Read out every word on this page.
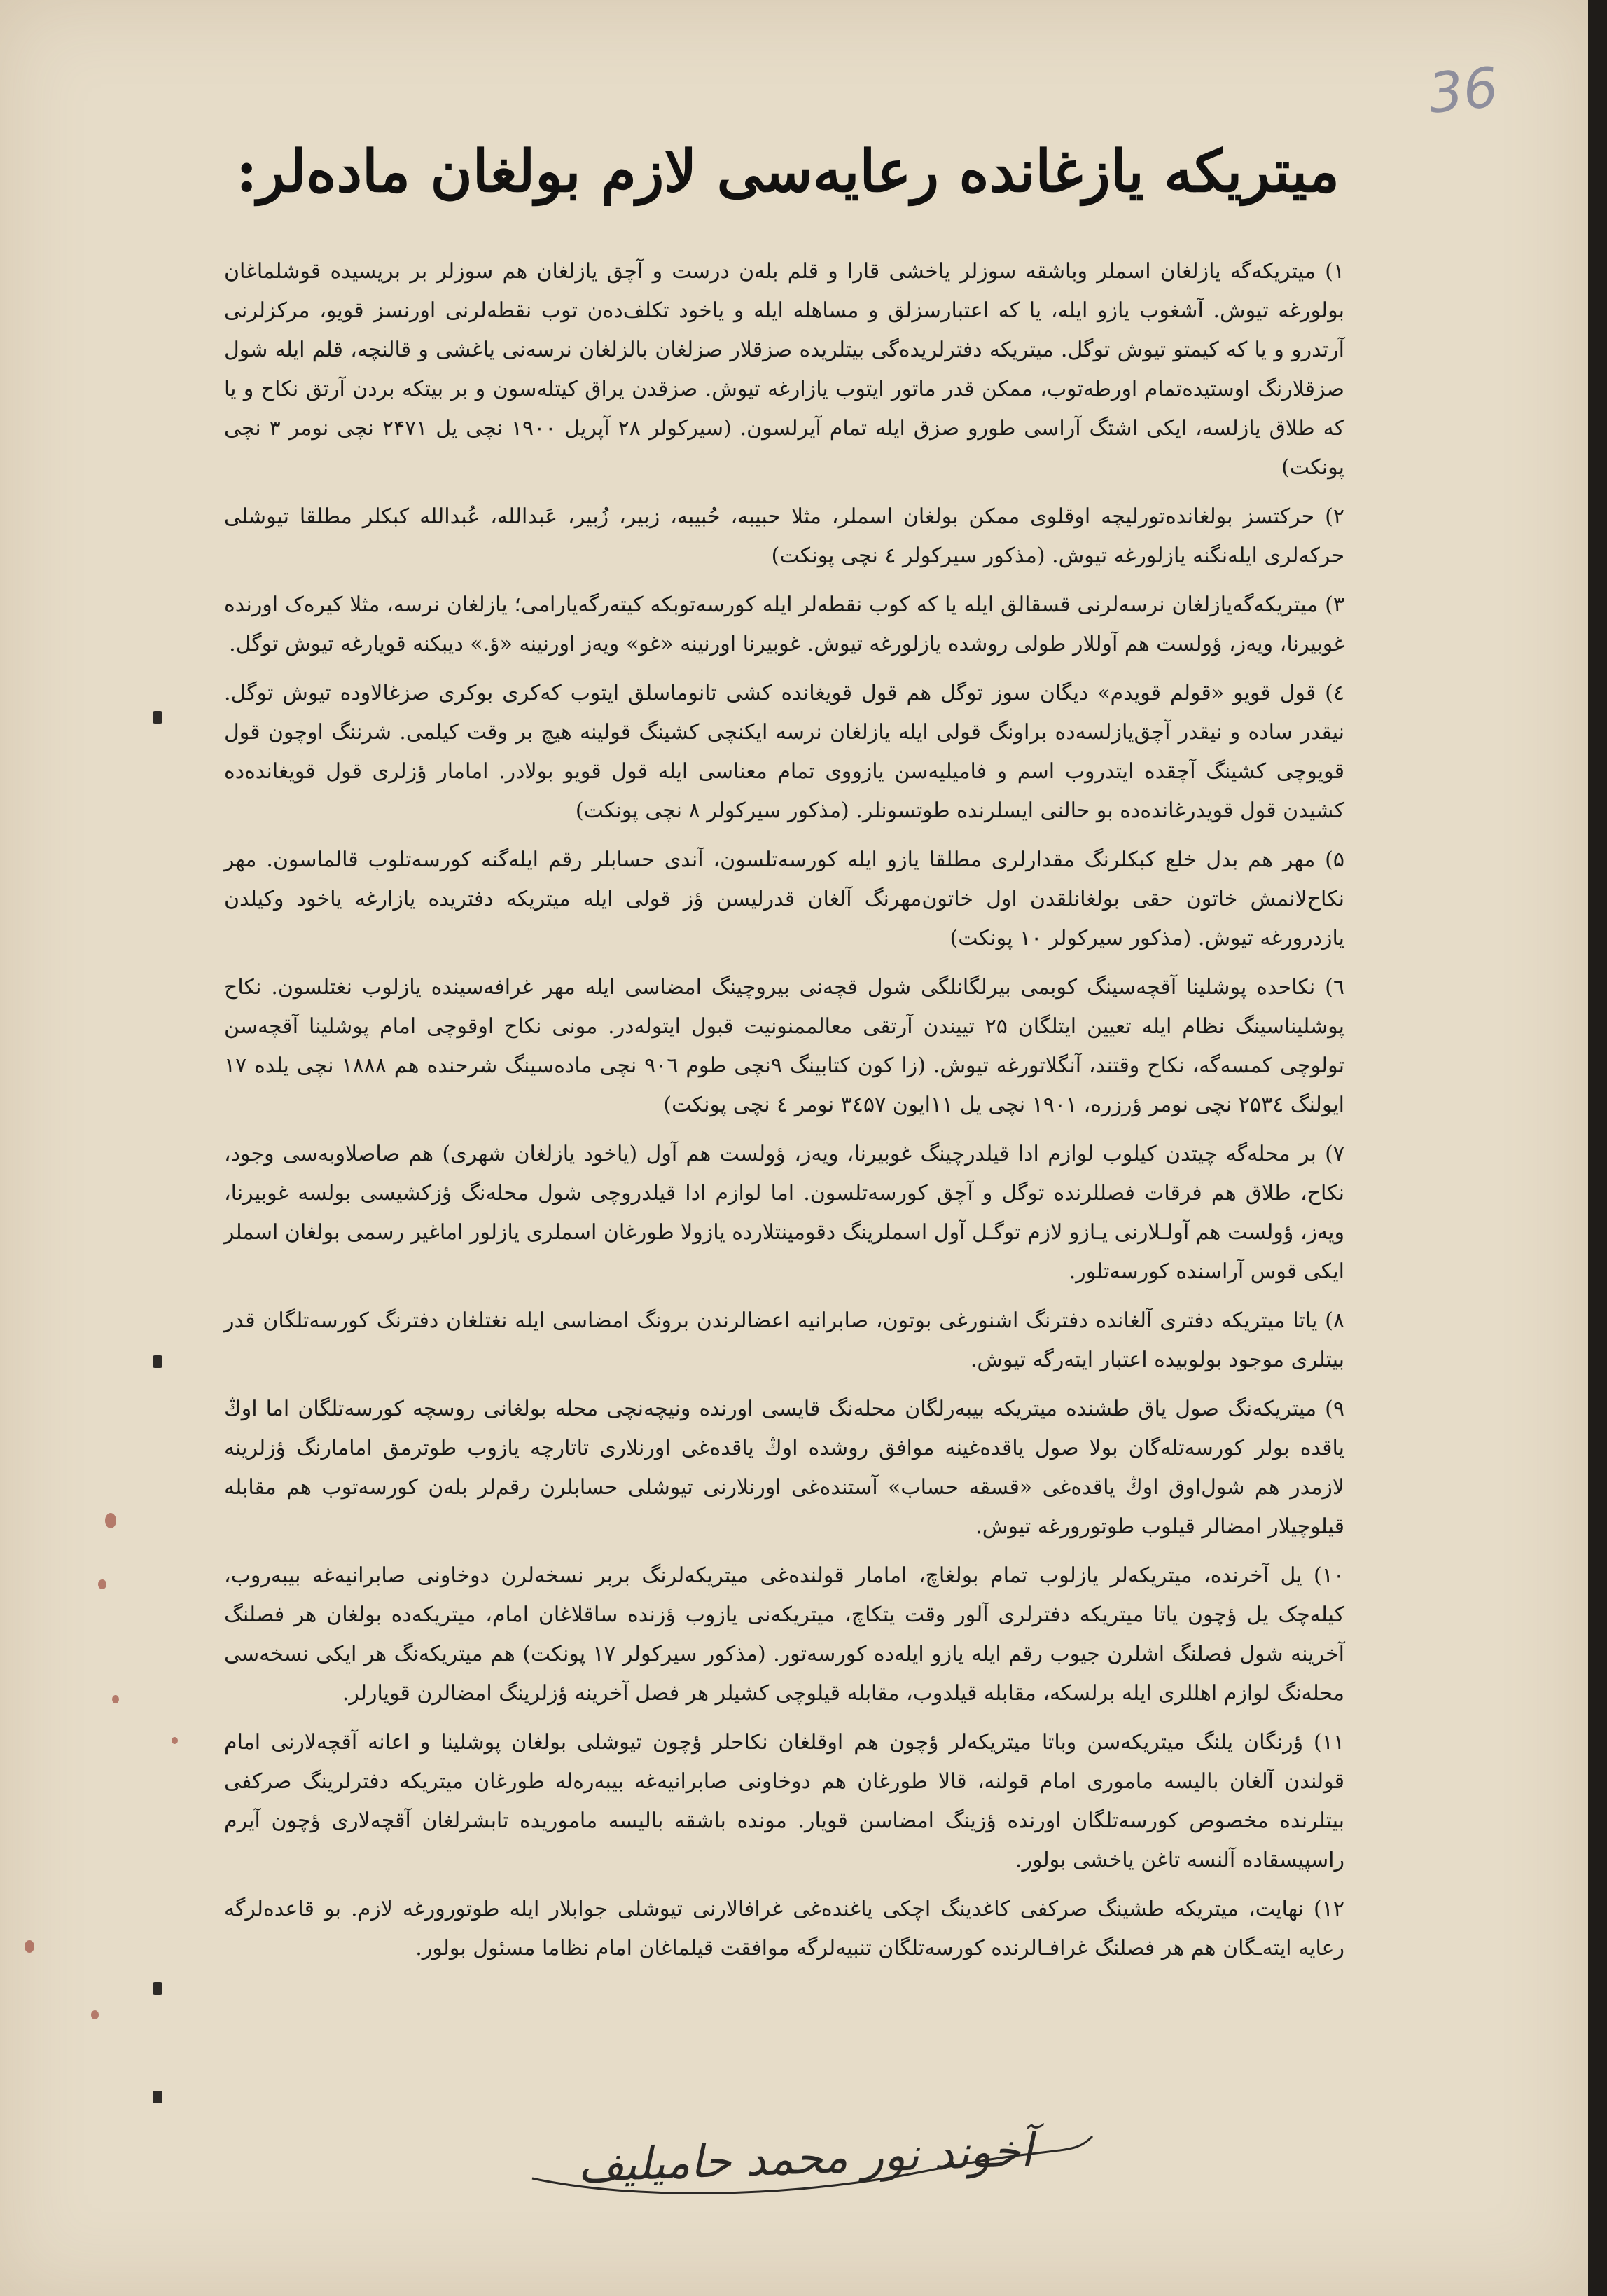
36
میتریکه یازغانده رعایه‌سی لازم بولغان ماده‌لر:

۱) میتریکه‌گه یازلغان اسملر وباشقه سوزلر یاخشی قارا و قلم بله‌ن درست و آچق یازلغان هم سوزلر بر بریسیده قوشلماغان بولورغه تیوش. آشغوب یازو ایله، یا که اعتبارسزلق و مساهله ایله و یاخود تکلف‌ده‌ن توب نقطه‌لرنی اورنسز قویو، مرکزلرنی آرتدرو و یا که کیمتو تیوش توگل. میتریکه دفترلریده‌گی بیتلریده صزقلار صزلغان بالزلغان نرسه‌نی یاغشی و قالنچه، قلم ایله شول صزقلارنگ اوستیده‌تمام اورطه‌توب، ممکن قدر ماتور ایتوب یازارغه تیوش. صزقدن یراق کیتله‌سون و بر بیتکه بردن آرتق نکاح و یا که طلاق یازلسه، ایکی اشتگ آراسی طورو صزق ایله تمام آیرلسون. (سیرکولر ۲۸ آپریل ۱۹۰۰ نچی یل ۲۴۷۱ نچی نومر ۳ نچی پونکت)

۲) حرکتسز بولغانده‌تورلیچه اوقلوی ممکن بولغان اسملر، مثلا حبیبه، حُبیبه، زبیر، زُبیر، عَبدالله، عُبدالله کبکلر مطلقا تیوشلی حرکه‌لری ایله‌نگنه یازلورغه تیوش. (مذکور سیرکولر ٤ نچی پونکت)

۳) میتریکه‌گه‌یازلغان نرسه‌لرنی قسقالق ایله یا که کوب نقطه‌لر ایله کورسه‌توبکه کیته‌رگه‌یارامی؛ یازلغان نرسه، مثلا کیره‌ک اورنده غوبیرنا، ویه‌ز، ؤولست هم آوللار طولی روشده یازلورغه تیوش. غوبیرنا اورنینه «غو» ویه‌ز اورنینه «ؤ.» دیبکنه قویارغه تیوش توگل.

٤) قول قویو «قولم قویدم» دیگان سوز توگل هم قول قویغانده کشی تانوماسلق ایتوب که‌کری بوکری صزغالاوده تیوش توگل. نیقدر ساده و نیقدر آچق‌یازلسه‌ده براونگ قولی ایله یازلغان نرسه ایکنچی کشینگ قولینه هیچ بر وقت کیلمی. شرننگ اوچون قول قویوچی کشینگ آچقده ایتدروب اسم و فامیلیه‌سن یازووی تمام معناسی ایله قول قویو بولادر. امامار ؤزلری قول قویغانده‌ده کشیدن قول قویدرغانده‌ده بو حالنی ایسلرنده طوتسونلر. (مذکور سیرکولر ۸ نچی پونکت)

۵) مهر هم بدل خلع کبکلرنگ مقدارلری مطلقا یازو ایله کورسه‌تلسون، آندی حسابلر رقم ایله‌گنه کورسه‌تلوب قالماسون. مهر نکاح‌لانمش خاتون حقی بولغانلقدن اول خاتون‌مهرنگ آلغان قدرلیسن ؤز قولی ایله میتریکه دفتریده یازارغه یاخود وکیلدن یازدرورغه تیوش. (مذکور سیرکولر ۱۰ پونکت)

٦) نکاحده پوشلینا آقچه‌سینگ کوبمی بیرلگانلگی شول قچه‌نی بیروچینگ امضاسی ایله مهر غرافه‌سینده یازلوب نغتلسون. نکاح پوشلیناسینگ نظام ایله تعیین ایتلگان ۲۵ تییندن آرتقی معالممنونیت قبول ایتوله‌در. مونی نکاح اوقوچی امام پوشلینا آقچه‌سن تولوچی کمسه‌گه، نکاح وقتند، آنگلاتورغه تیوش. (زا کون کتابینگ ٩نچی طوم ۹۰٦ نچی ماده‌سینگ شرحنده هم ۱۸۸۸ نچی یلده ۱۷ ایولنگ ۲۵۳٤ نچی نومر ؤرزره، ۱۹۰۱ نچی یل ۱۱ایون ۳٤۵۷ نومر ٤ نچی پونکت)

۷) بر محله‌گه چیتدن کیلوب لوازم ادا قیلدرچینگ غوبیرنا، ویه‌ز، ؤولست هم آول (یاخود یازلغان شهری) هم صاصلاوبه‌سی وجود، نکاح، طلاق هم فرقات فصللرنده توگل و آچق کورسه‌تلسون. اما لوازم ادا قیلدروچی شول محله‌نگ ؤزکشیسی بولسه غوبیرنا، ویه‌ز، ؤولست هم آولـلارنی یـازو لازم توگـل آول اسملرینگ دقومینتلارده یازولا طورغان اسملری یازلور اماغیر رسمی بولغان اسملر ایکی قوس آراسنده کورسه‌تلور.

۸) یاتا میتریکه دفتری آلغانده دفترنگ اشنورغی بوتون، صابرانیه اعضالرندن برونگ امضاسی ایله نغتلغان دفترنگ کورسه‌تلگان قدر بیتلری موجود بولوبیده اعتبار ایته‌رگه تیوش.

۹) میتریکه‌نگ صول یاق طشنده میتریکه بیبه‌رلگان محله‌نگ قایسی اورنده ونیچه‌نچی محله بولغانی روسچه کورسه‌تلگان اما اوڭ یاقده بولر کورسه‌تله‌گان بولا صول یاقده‌غینه موافق روشده اوڭ یاقده‌غی اورنلاری تاتارچه یازوب طوترمق امامارنگ ؤزلرینه لازمدر هم شول‌اوق اوڭ یاقده‌غی «قسقه حساب» آستنده‌غی اورنلارنی تیوشلی حسابلرن رقم‌لر بله‌ن کورسه‌توب هم مقابله قیلوچیلار امضالر قیلوب طوتورورغه تیوش.

۱۰) یل آخرنده، میتریکه‌لر یازلوب تمام بولغاچ، امامار قولنده‌غی میتریکه‌لرنگ بربر نسخه‌لرن دوخاونی صابرانیه‌غه بیبه‌روب، کیله‌چک یل ؤچون یا‌تا میتریکه دفترلری آلور وقت یتکاچ، میتریکه‌نی یازوب ؤزنده ساقلاغان امام، میتریکه‌ده بولغان هر فصلنگ آخرینه شول فصلنگ اشلرن جیوب رقم ایله یازو ایله‌ده کورسه‌تور. (مذکور سیرکولر ۱۷ پونکت) هم میتریکه‌نگ هر ایکی نسخه‌سی محله‌نگ لوازم اهللری ایله بر‌لسکه، مقابله قیلدوب، مقابله قیلوچی کشیلر هر فصل آخرینه ؤزلرینگ امضالرن قویارلر.

۱۱) ؤرنگان یلنگ میتریکه‌سن وبا‌تا میتریکه‌لر ؤچون هم اوقلغان نکاحلر ؤچون تیوشلی بولغان پوشلینا و اعانه آقچه‌لارنی امام قولندن آلغان بالیسه ماموری امام قولنه، قالا طورغان هم دوخاونی صابرانیه‌غه بیبه‌ره‌له طورغان میتریکه دفترلرینگ صرکفی بیتلرنده مخصوص کورسه‌تلگان اورنده ؤزینگ امضاسن قویار. مونده باشقه بالیسه ماموریده تابشرلغان آقچه‌لاری ؤچون آیرم راسپیسقاده آلنسه تاغن یاخشی بولور.

۱۲) نهایت، میتریکه طشینگ صرکفی کاغدینگ اچکی یاغنده‌غی غرافالارنی تیوشلی جوابلار ایله طوتورورغه لازم. بو قاعده‌لرگه رعایه ایته‌ـگان هم هر فصلنگ غرافـالرنده کورسه‌تلگان تنبیه‌لرگه موافقت قیلماغان امام نظاما مسئول بولور.

آخوند نور محمد حامیلیف
